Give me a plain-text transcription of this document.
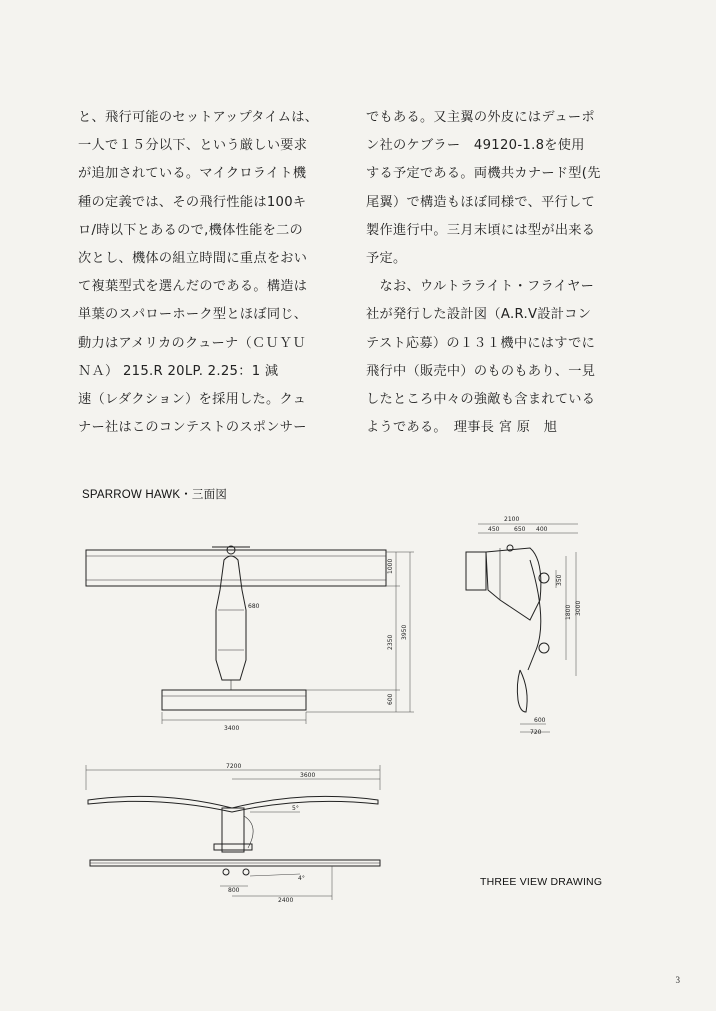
と、飛行可能のセットアップタイムは、

一人で１５分以下、という厳しい要求

が追加されている。マイクロライト機

種の定義では、その飛行性能は100キ

ロ/時以下とあるので,機体性能を二の

次とし、機体の組立時間に重点をおい

て複葉型式を選んだのである。構造は

単葉のスパローホーク型とほぼ同じ、

動力はアメリカのクューナ（ＣＵＹＵ

ＮＡ） 215.R 20LP. 2.25：1 減

速（レダクション）を採用した。クュ

ナー社はこのコンテストのスポンサー

でもある。又主翼の外皮にはデューポ

ン社のケブラー　49120-1.8を使用

する予定である。両機共カナード型(先

尾翼）で構造もほぼ同様で、平行して

製作進行中。三月末頃には型が出来る

予定。

　なお、ウルトラライト・フライヤー

社が発行した設計図（A.R.V設計コン

テスト応募）の１３１機中にはすでに

飛行中（販売中）のものもあり、一見

したところ中々の強敵も含まれている

ようである。　理事長 宮 原　旭

SPARROW HAWK・三面図
1000
2350
3950
600
680
3400
2100
450 650 400
350
1800 3000
600
720
7200
3600
5°
4°
800
2400
THREE VIEW DRAWING
3
